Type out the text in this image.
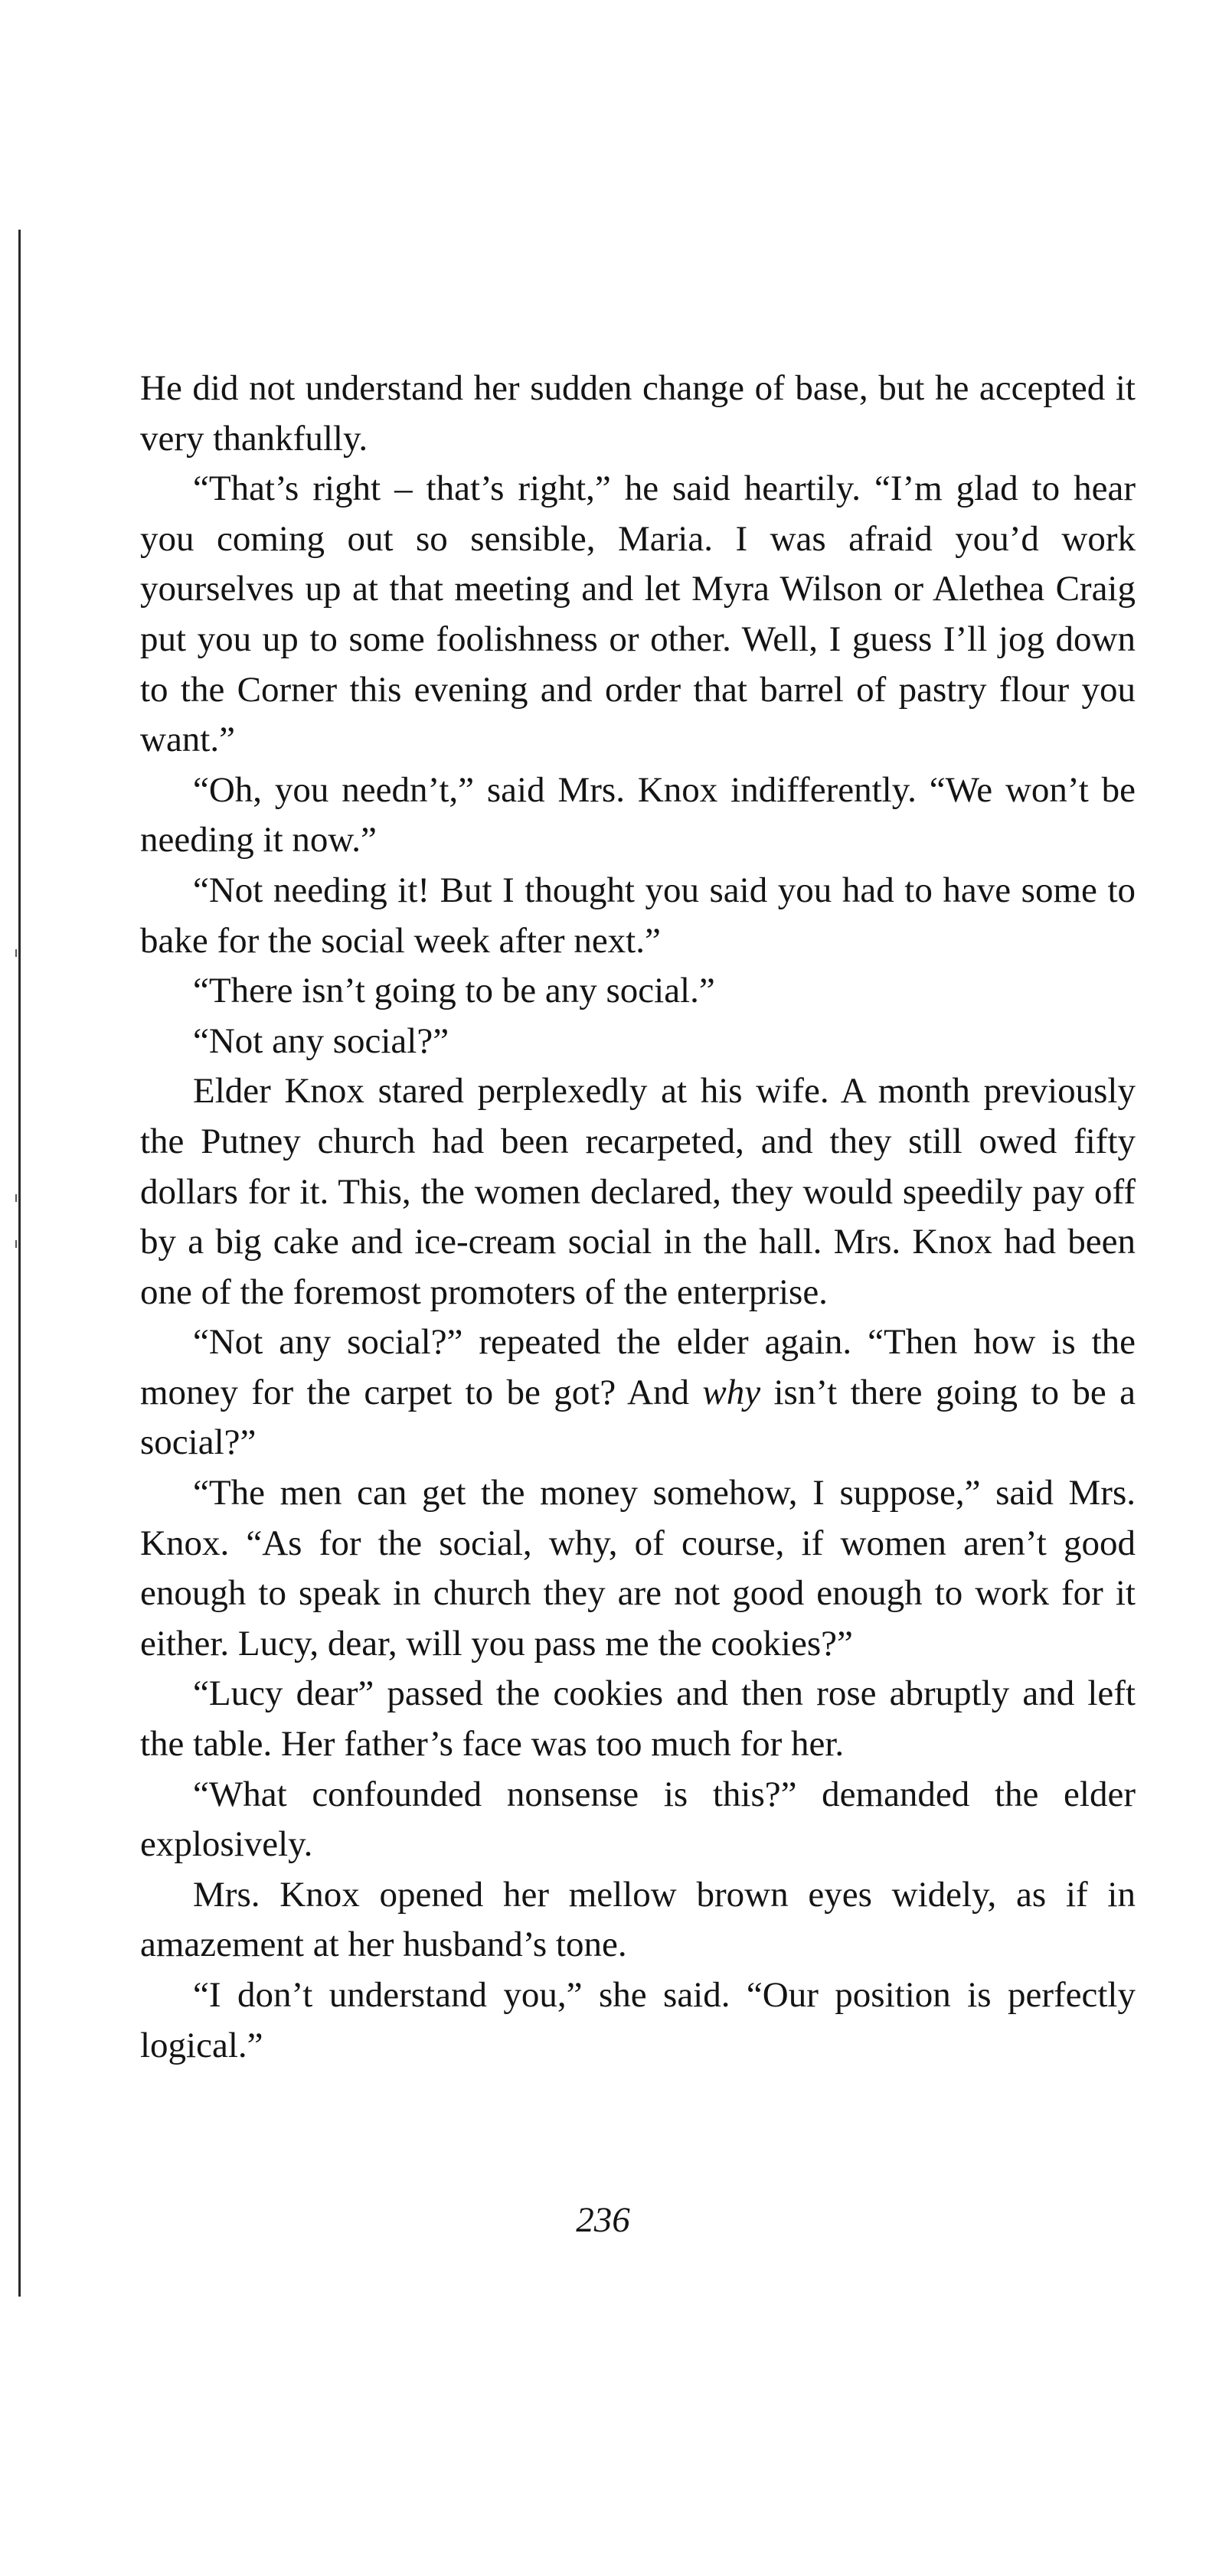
He did not understand her sudden change of base, but he accepted it very thankfully.

“That’s right – that’s right,” he said heartily. “I’m glad to hear you coming out so sensible, Maria. I was afraid you’d work yourselves up at that meeting and let Myra Wilson or Alethea Craig put you up to some foolishness or other. Well, I guess I’ll jog down to the Corner this evening and order that barrel of pastry flour you want.”

“Oh, you needn’t,” said Mrs. Knox indifferently. “We won’t be needing it now.”

“Not needing it! But I thought you said you had to have some to bake for the social week after next.”

“There isn’t going to be any social.”

“Not any social?”

Elder Knox stared perplexedly at his wife. A month previously the Putney church had been recarpeted, and they still owed fifty dollars for it. This, the women declared, they would speedily pay off by a big cake and ice-cream social in the hall. Mrs. Knox had been one of the foremost promoters of the enterprise.

“Not any social?” repeated the elder again. “Then how is the money for the carpet to be got? And why isn’t there going to be a social?”

“The men can get the money somehow, I suppose,” said Mrs. Knox. “As for the social, why, of course, if women aren’t good enough to speak in church they are not good enough to work for it either. Lucy, dear, will you pass me the cookies?”

“Lucy dear” passed the cookies and then rose abruptly and left the table. Her father’s face was too much for her.

“What confounded nonsense is this?” demanded the elder explosively.

Mrs. Knox opened her mellow brown eyes widely, as if in amazement at her husband’s tone.

“I don’t understand you,” she said. “Our position is perfectly logical.”

236
